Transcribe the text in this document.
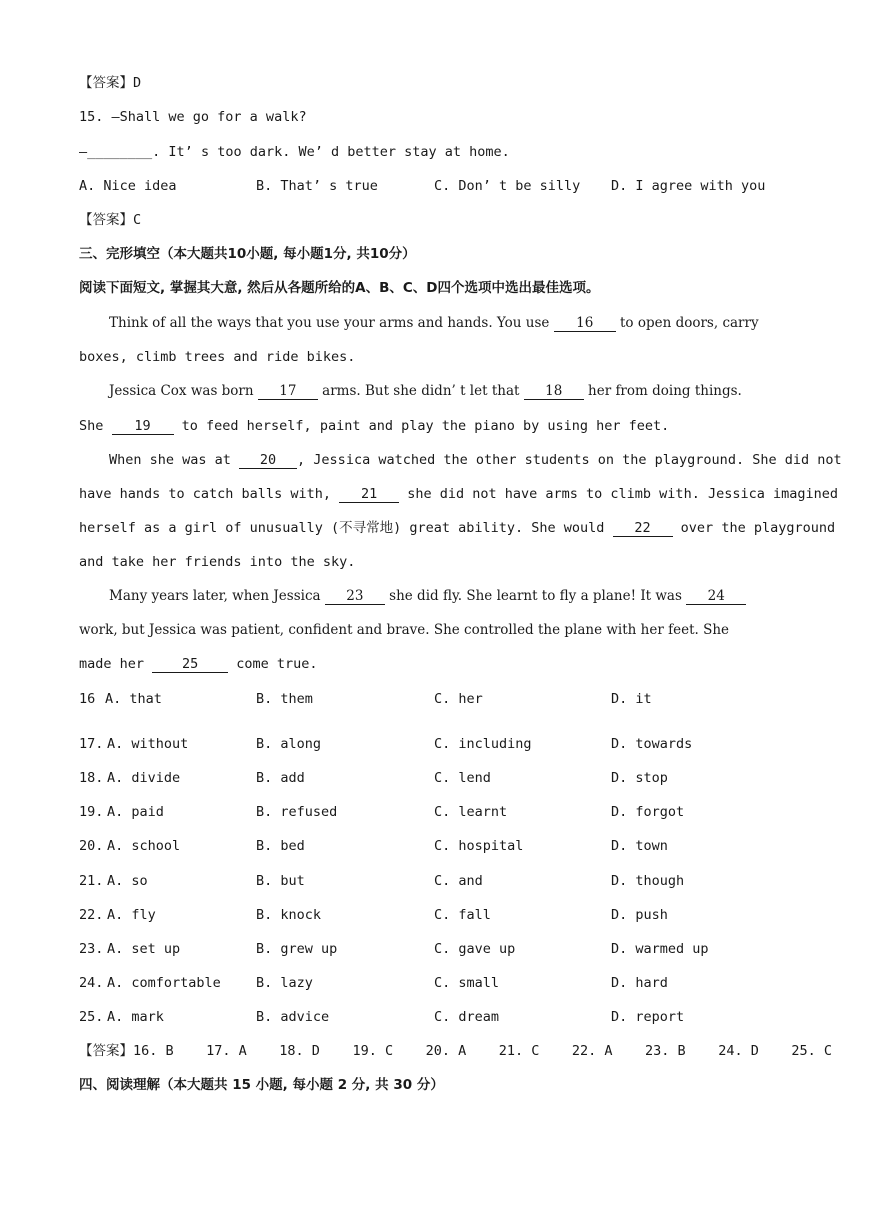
【答案】D
15. —Shall we go for a walk?
—________. It’ s too dark. We’ d better stay at home.
A. Nice idea	B. That’ s true	C. Don’ t be silly D. I agree with you
【答案】C
三、完形填空（本大题共10小题, 每小题1分, 共10分）
阅读下面短文, 掌握其大意, 然后从各题所给的A、B、C、D四个选项中选出最佳选项。
Think of all the ways that you use your arms and hands. You use 16 to open doors, carry
boxes, climb trees and ride bikes.
Jessica Cox was born 17 arms. But she didn’ t let that 18 her from doing things.
She 19 to feed herself, paint and play the piano by using her feet.
When she was at 20 , Jessica watched the other students on the playground. She did not
have hands to catch balls with, 21 she did not have arms to climb with. Jessica imagined
herself as a girl of unusually (不寻常地) great ability. She would 22 over the playground
and take her friends into the sky.
Many years later, when Jessica 23 she did fly. She learnt to fly a plane! It was 24
work, but Jessica was patient, confident and brave. She controlled the plane with her feet. She
made her 25 come true.
16 A. that	B. them	C. her	D. it
17. A. without	B. along	C. including	D. towards
18. A. divide	B. add	C. lend	D. stop
19. A. paid	B. refused	C. learnt	D. forgot
20. A. school	B. bed	C. hospital	D. town
21. A. so	B. but	C. and	D. though
22. A. fly	B. knock	C. fall	D. push
23. A. set up	B. grew up	C. gave up	D. warmed up
24. A. comfortable	B. lazy	C. small	D. hard
25. A. mark	B. advice	C. dream	D. report
【答案】16. B    17. A    18. D    19. C    20. A    21. C    22. A    23. B    24. D    25. C
四、阅读理解（本大题共 15 小题, 每小题 2 分, 共 30 分）
